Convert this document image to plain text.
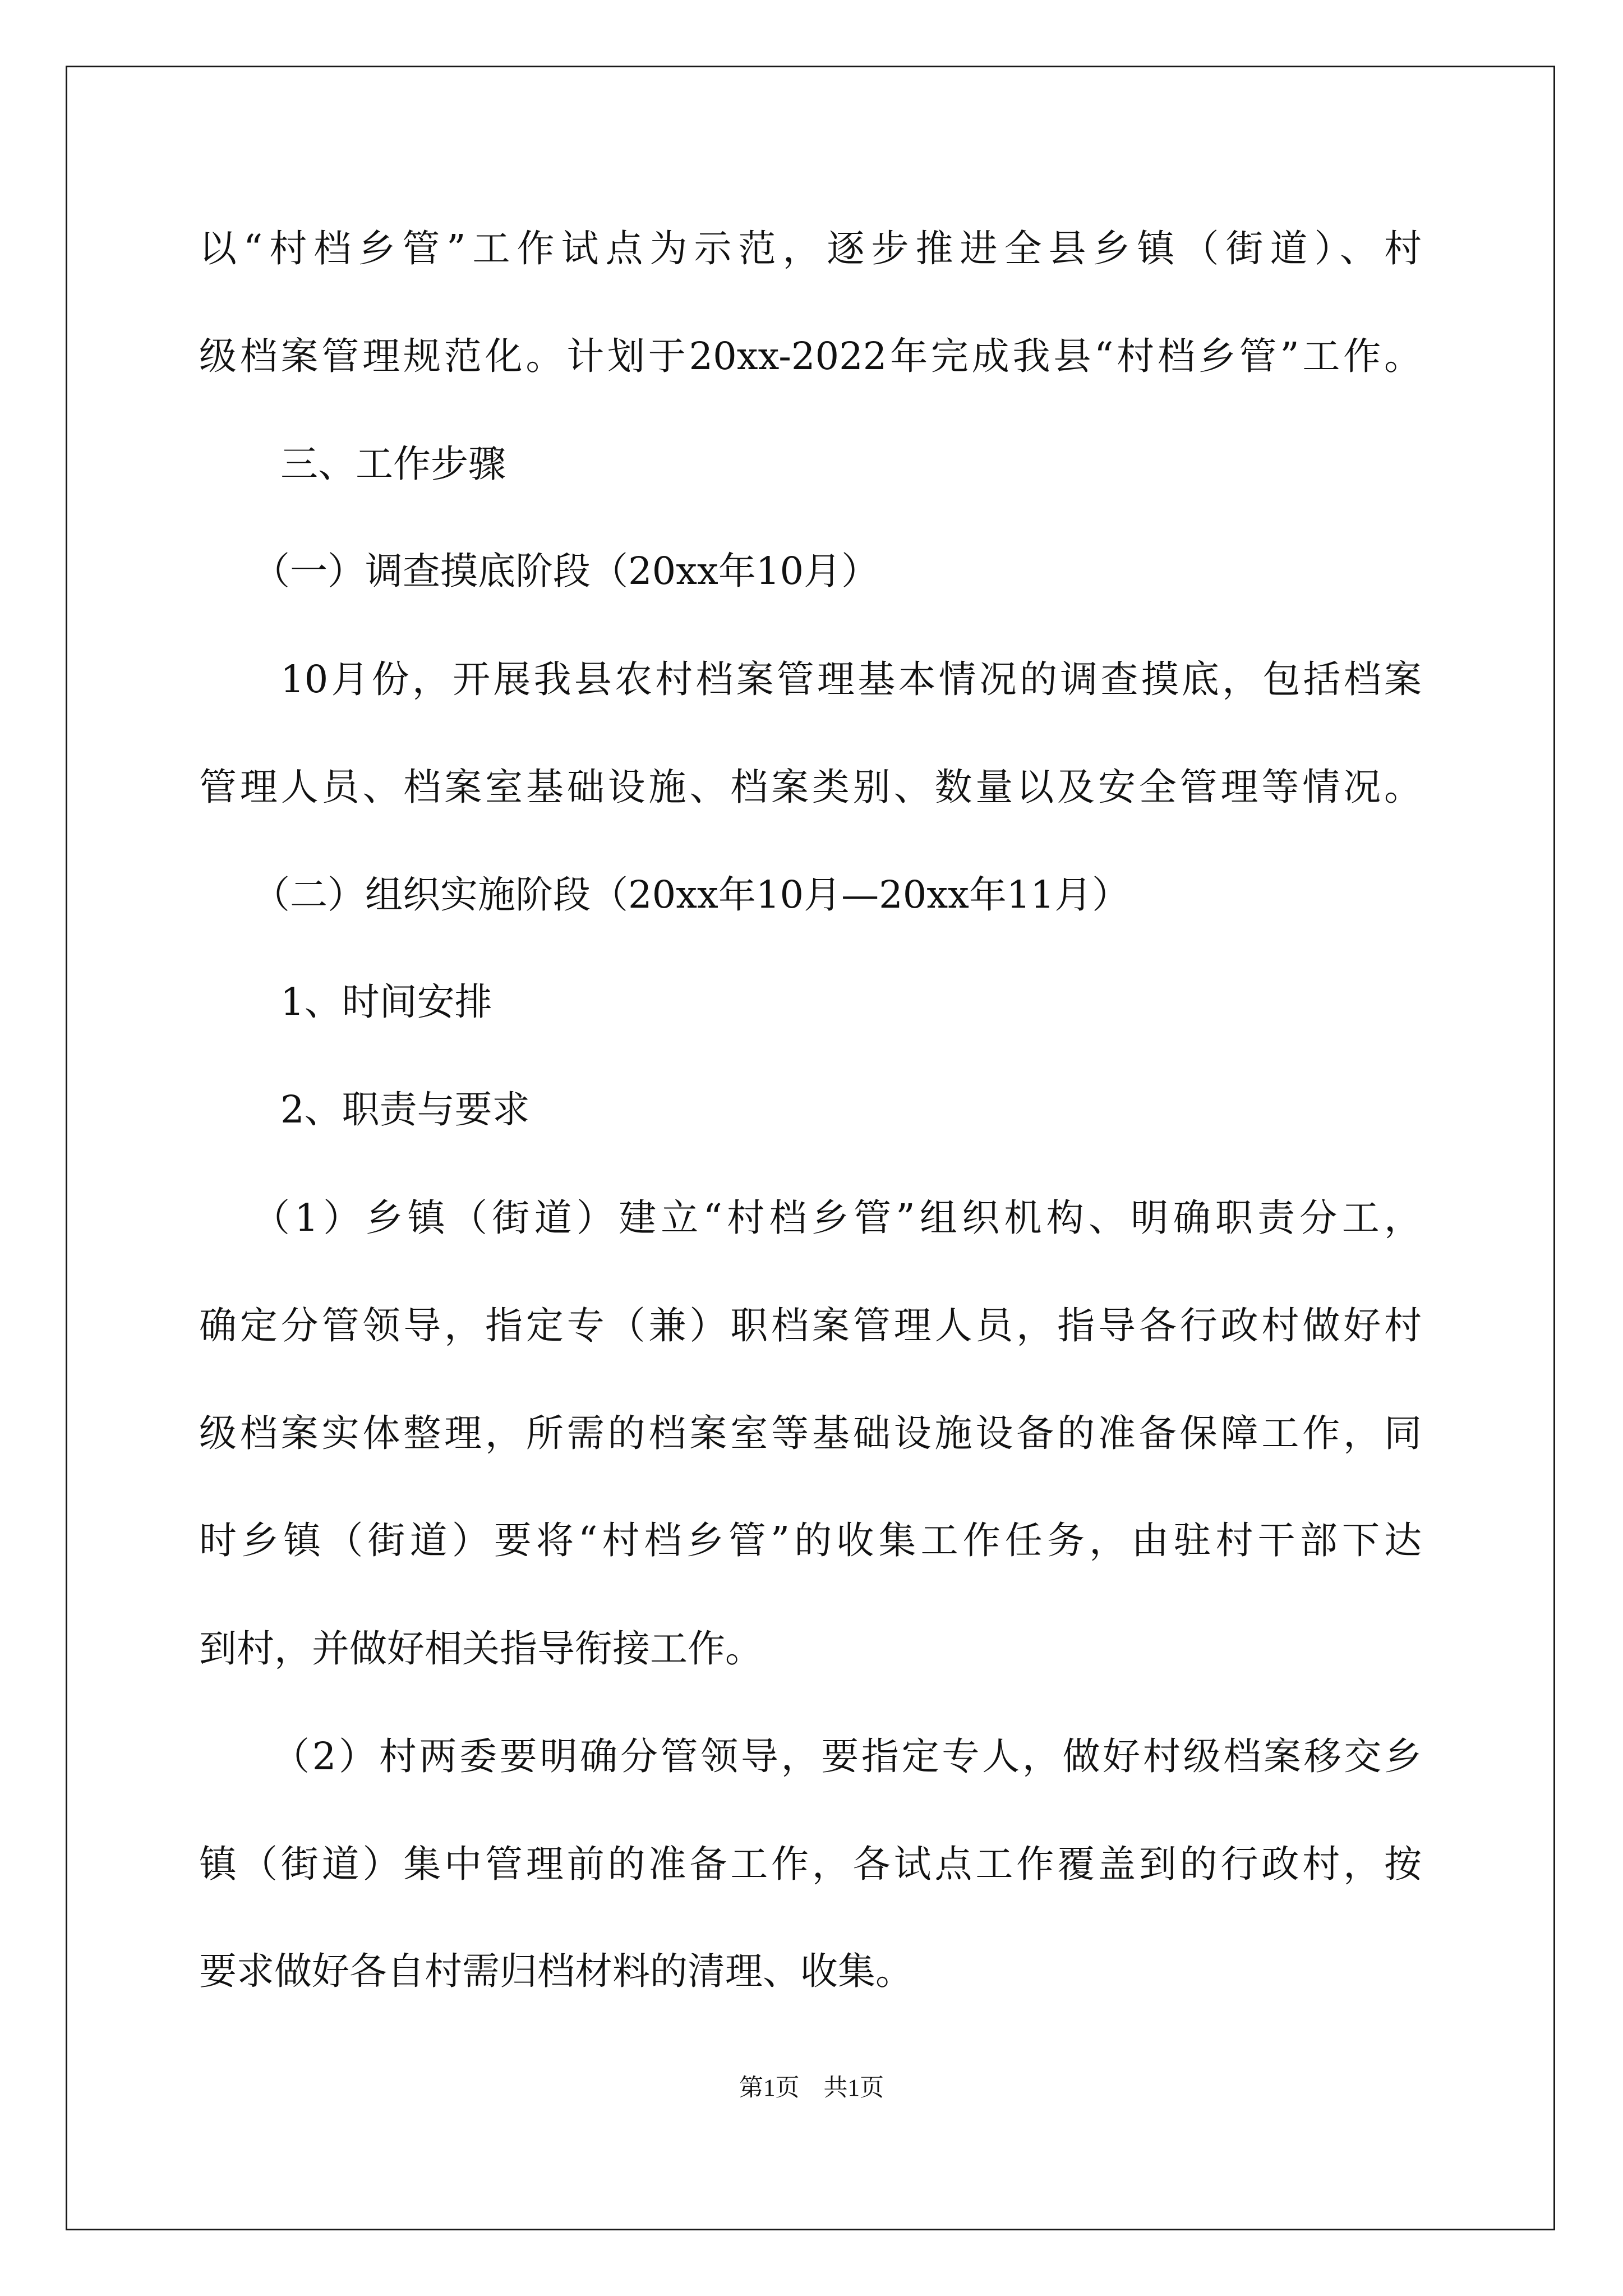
以“村档乡管”工作试点为示范，逐步推进全县乡镇（街道）、村
级档案管理规范化。计划于20xx-2022年完成我县“村档乡管”工作。
三、工作步骤
（一）调查摸底阶段（20xx年10月）
10月份，开展我县农村档案管理基本情况的调查摸底，包括档案
管理人员、档案室基础设施、档案类别、数量以及安全管理等情况。
（二）组织实施阶段（20xx年10月—20xx年11月）
1、时间安排
2、职责与要求
（1）乡镇（街道）建立“村档乡管”组织机构、明确职责分工，
确定分管领导，指定专（兼）职档案管理人员，指导各行政村做好村
级档案实体整理，所需的档案室等基础设施设备的准备保障工作，同
时乡镇（街道）要将“村档乡管”的收集工作任务，由驻村干部下达
到村，并做好相关指导衔接工作。
（2）村两委要明确分管领导，要指定专人，做好村级档案移交乡
镇（街道）集中管理前的准备工作，各试点工作覆盖到的行政村，按
要求做好各自村需归档材料的清理、收集。
第1页　共1页
